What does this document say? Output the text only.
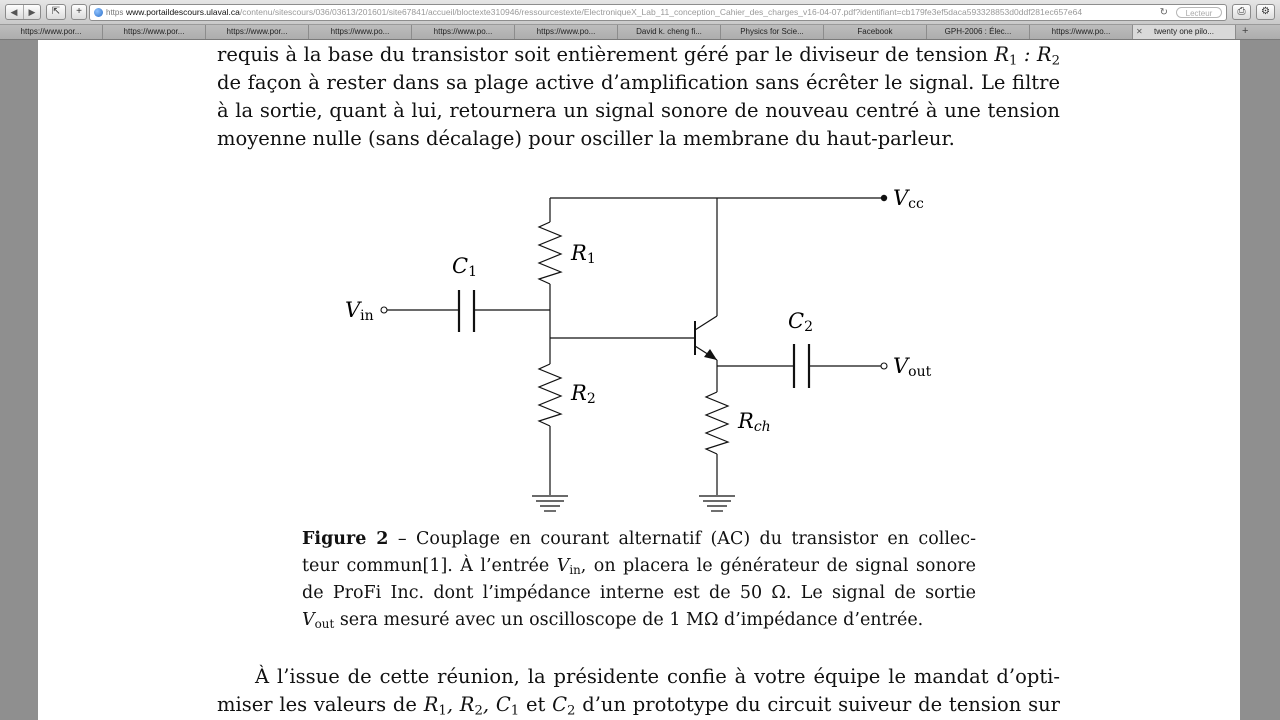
◀	▶	⇱	+	https www.portaildescours.ulaval.ca/contenu/sitescours/036/03613/201601/site67841/accueil/bloctexte310946/ressourcestexte/ElectroniqueX_Lab_11_conception_Cahier_des_charges_v16-04-07.pdf?identifiant=cb179fe3ef5daca593328853d0ddf281ec657e64	↻	Lecteur	⎙	⚙
https://www.por...	https://www.por...	https://www.por...	https://www.po...	https://www.po...	https://www.po...	David k. cheng fi...	Physics for Scie...	Facebook	GPH-2006 : Élec...	https://www.po...	✕ twenty one pilo...	+
requis à la base du transistor soit entièrement géré par le diviseur de tension $R_1$ : $R_2$
de façon à rester dans sa plage active d’amplification sans écrêter le signal. Le filtre
à la sortie, quant à lui, retournera un signal sonore de nouveau centré à une tension
moyenne nulle (sans décalage) pour osciller la membrane du haut-parleur.
Vcc
Vin
Vout
C1
C2
R1
R2
Rch
Figure 2 – Couplage en courant alternatif (AC) du transistor en collec-
teur commun[1]. À l’entrée $V_{in}$, on placera le générateur de signal sonore
de ProFi Inc. dont l’impédance interne est de 50 Ω. Le signal de sortie
$V_{out}$ sera mesuré avec un oscilloscope de 1 MΩ d’impédance d’entrée.
À l’issue de cette réunion, la présidente confie à votre équipe le mandat d’opti-
miser les valeurs de $R_1$, $R_2$, $C_1$ et $C_2$ d’un prototype du circuit suiveur de tension sur
